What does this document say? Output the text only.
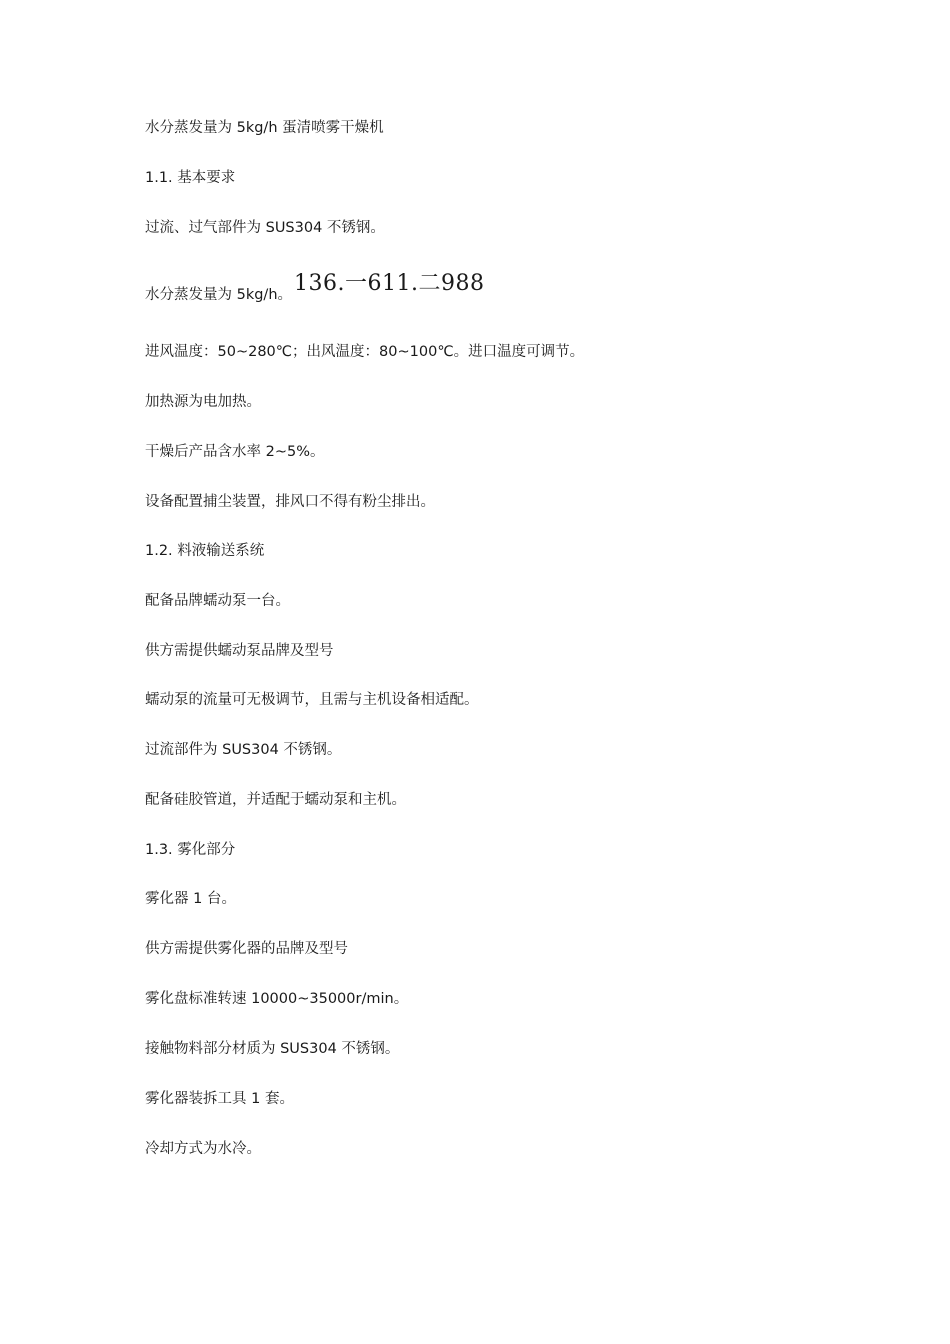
水分蒸发量为 5kg/h 蛋清喷雾干燥机
1.1. 基本要求
过流、过气部件为 SUS304 不锈钢。
水分蒸发量为 5kg/h。136.一611.二988
进风温度：50~280℃；出风温度：80~100℃。进口温度可调节。
加热源为电加热。
干燥后产品含水率 2~5%。
设备配置捕尘装置，排风口不得有粉尘排出。
1.2. 料液输送系统
配备品牌蠕动泵一台。
供方需提供蠕动泵品牌及型号
蠕动泵的流量可无极调节，且需与主机设备相适配。
过流部件为 SUS304 不锈钢。
配备硅胶管道，并适配于蠕动泵和主机。
1.3. 雾化部分
雾化器 1 台。
供方需提供雾化器的品牌及型号
雾化盘标准转速 10000~35000r/min。
接触物料部分材质为 SUS304 不锈钢。
雾化器装拆工具 1 套。
冷却方式为水冷。
